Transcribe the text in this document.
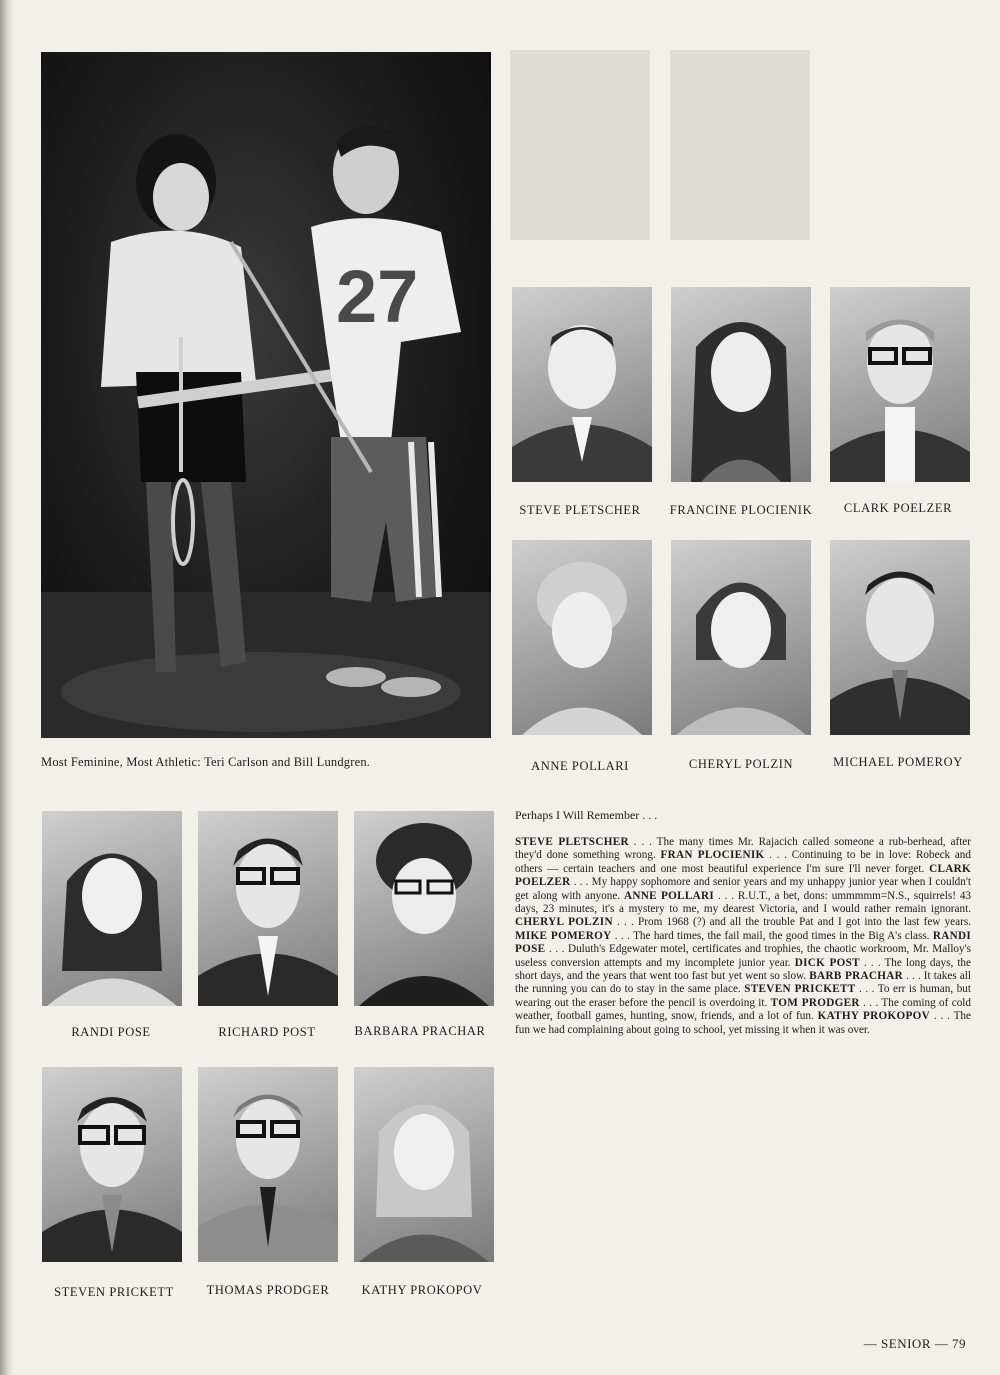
27
Most Feminine, Most Athletic: Teri Carlson and Bill Lundgren.
STEVE PLETSCHER	FRANCINE PLOCIENIK	CLARK POELZER
ANNE POLLARI	CHERYL POLZIN	MICHAEL POMEROY
RANDI POSE	RICHARD POST	BARBARA PRACHAR
STEVEN PRICKETT	THOMAS PRODGER	KATHY PROKOPOV
Perhaps I Will Remember . . .
STEVE PLETSCHER . . . The many times Mr. Rajacich called someone a rub-berhead, after they'd done something wrong. FRAN PLOCIENIK . . . Continuing to be in love: Robeck and others — certain teachers and one most beautiful experience I'm sure I'll never forget. CLARK POELZER . . . My happy sophomore and senior years and my unhappy junior year when I couldn't get along with anyone. ANNE POLLARI . . . R.U.T., a bet, dons: ummmmm=N.S., squirrels! 43 days, 23 minutes, it's a mystery to me, my dearest Victoria, and I would rather remain ignorant. CHERYL POLZIN . . . Prom 1968 (?) and all the trouble Pat and I got into the last few years. MIKE POMEROY . . . The hard times, the fail mail, the good times in the Big A's class. RANDI POSE . . . Duluth's Edgewater motel, certificates and trophies, the chaotic workroom, Mr. Malloy's useless conversion attempts and my incomplete junior year. DICK POST . . . The long days, the short days, and the years that went too fast but yet went so slow. BARB PRACHAR . . . It takes all the running you can do to stay in the same place. STEVEN PRICKETT . . . To err is human, but wearing out the eraser before the pencil is overdoing it. TOM PRODGER . . . The coming of cold weather, football games, hunting, snow, friends, and a lot of fun. KATHY PROKOPOV . . . The fun we had complaining about going to school, yet missing it when it was over.
— SENIOR — 79
